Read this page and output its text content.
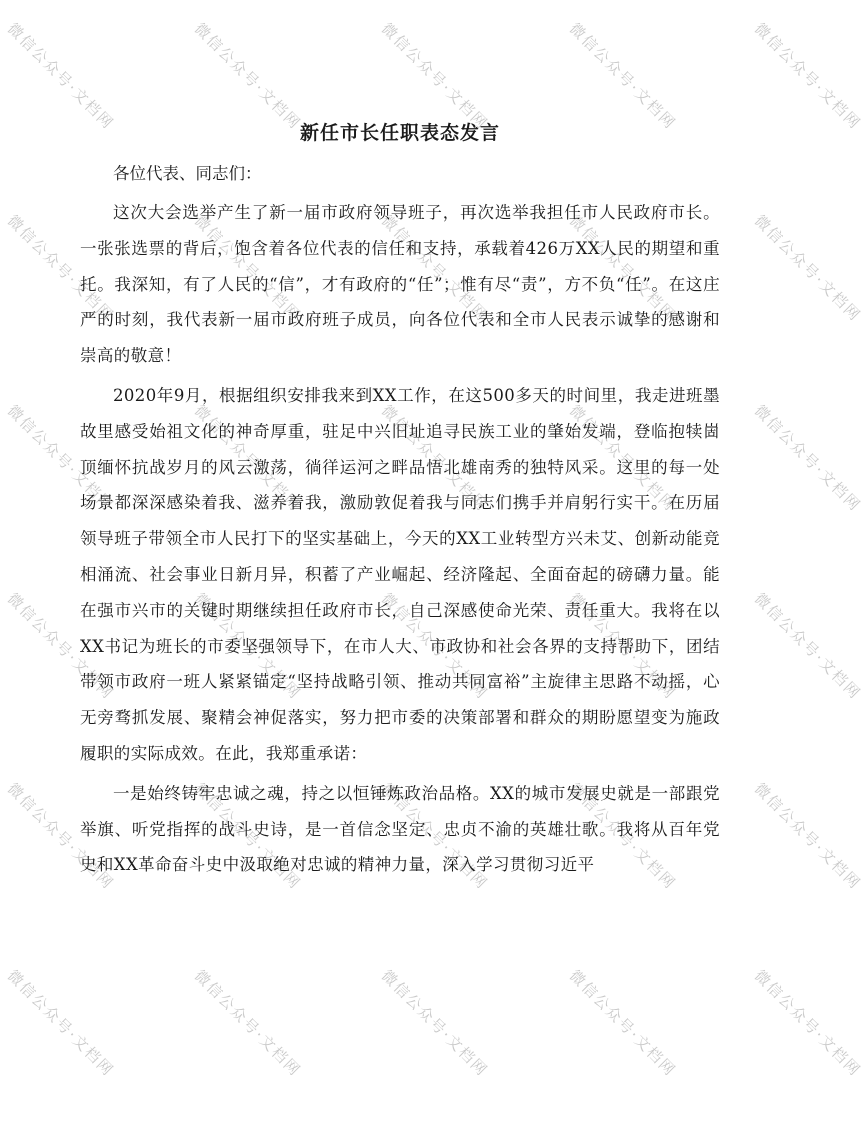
微信公众号·文档网	微信公众号·文档网	微信公众号·文档网	微信公众号·文档网	微信公众号·文档网
微信公众号·文档网	微信公众号·文档网	微信公众号·文档网	微信公众号·文档网	微信公众号·文档网
微信公众号·文档网	微信公众号·文档网	微信公众号·文档网	微信公众号·文档网	微信公众号·文档网
微信公众号·文档网	微信公众号·文档网	微信公众号·文档网	微信公众号·文档网	微信公众号·文档网
微信公众号·文档网	微信公众号·文档网	微信公众号·文档网	微信公众号·文档网	微信公众号·文档网
微信公众号·文档网	微信公众号·文档网	微信公众号·文档网	微信公众号·文档网	微信公众号·文档网
新任市长任职表态发言

各位代表、同志们：

这次大会选举产生了新一届市政府领导班子，再次选举我担任市人民政府市长。一张张选票的背后，饱含着各位代表的信任和支持，承载着426万XX人民的期望和重托。我深知，有了人民的“信”，才有政府的“任”；惟有尽“责”，方不负“任”。在这庄严的时刻，我代表新一届市政府班子成员，向各位代表和全市人民表示诚挚的感谢和崇高的敬意！

2020年9月，根据组织安排我来到XX工作，在这500多天的时间里，我走进班墨故里感受始祖文化的神奇厚重，驻足中兴旧址追寻民族工业的肇始发端，登临抱犊崮顶缅怀抗战岁月的风云激荡，徜徉运河之畔品悟北雄南秀的独特风采。这里的每一处场景都深深感染着我、滋养着我，激励敦促着我与同志们携手并肩躬行实干。在历届领导班子带领全市人民打下的坚实基础上，今天的XX工业转型方兴未艾、创新动能竞相涌流、社会事业日新月异，积蓄了产业崛起、经济隆起、全面奋起的磅礴力量。能在强市兴市的关键时期继续担任政府市长，自己深感使命光荣、责任重大。我将在以XX书记为班长的市委坚强领导下，在市人大、市政协和社会各界的支持帮助下，团结带领市政府一班人紧紧锚定“坚持战略引领、推动共同富裕”主旋律主思路不动摇，心无旁骛抓发展、聚精会神促落实，努力把市委的决策部署和群众的期盼愿望变为施政履职的实际成效。在此，我郑重承诺：

一是始终铸牢忠诚之魂，持之以恒锤炼政治品格。XX的城市发展史就是一部跟党举旗、听党指挥的战斗史诗，是一首信念坚定、忠贞不渝的英雄壮歌。我将从百年党史和XX革命奋斗史中汲取绝对忠诚的精神力量，深入学习贯彻习近平
